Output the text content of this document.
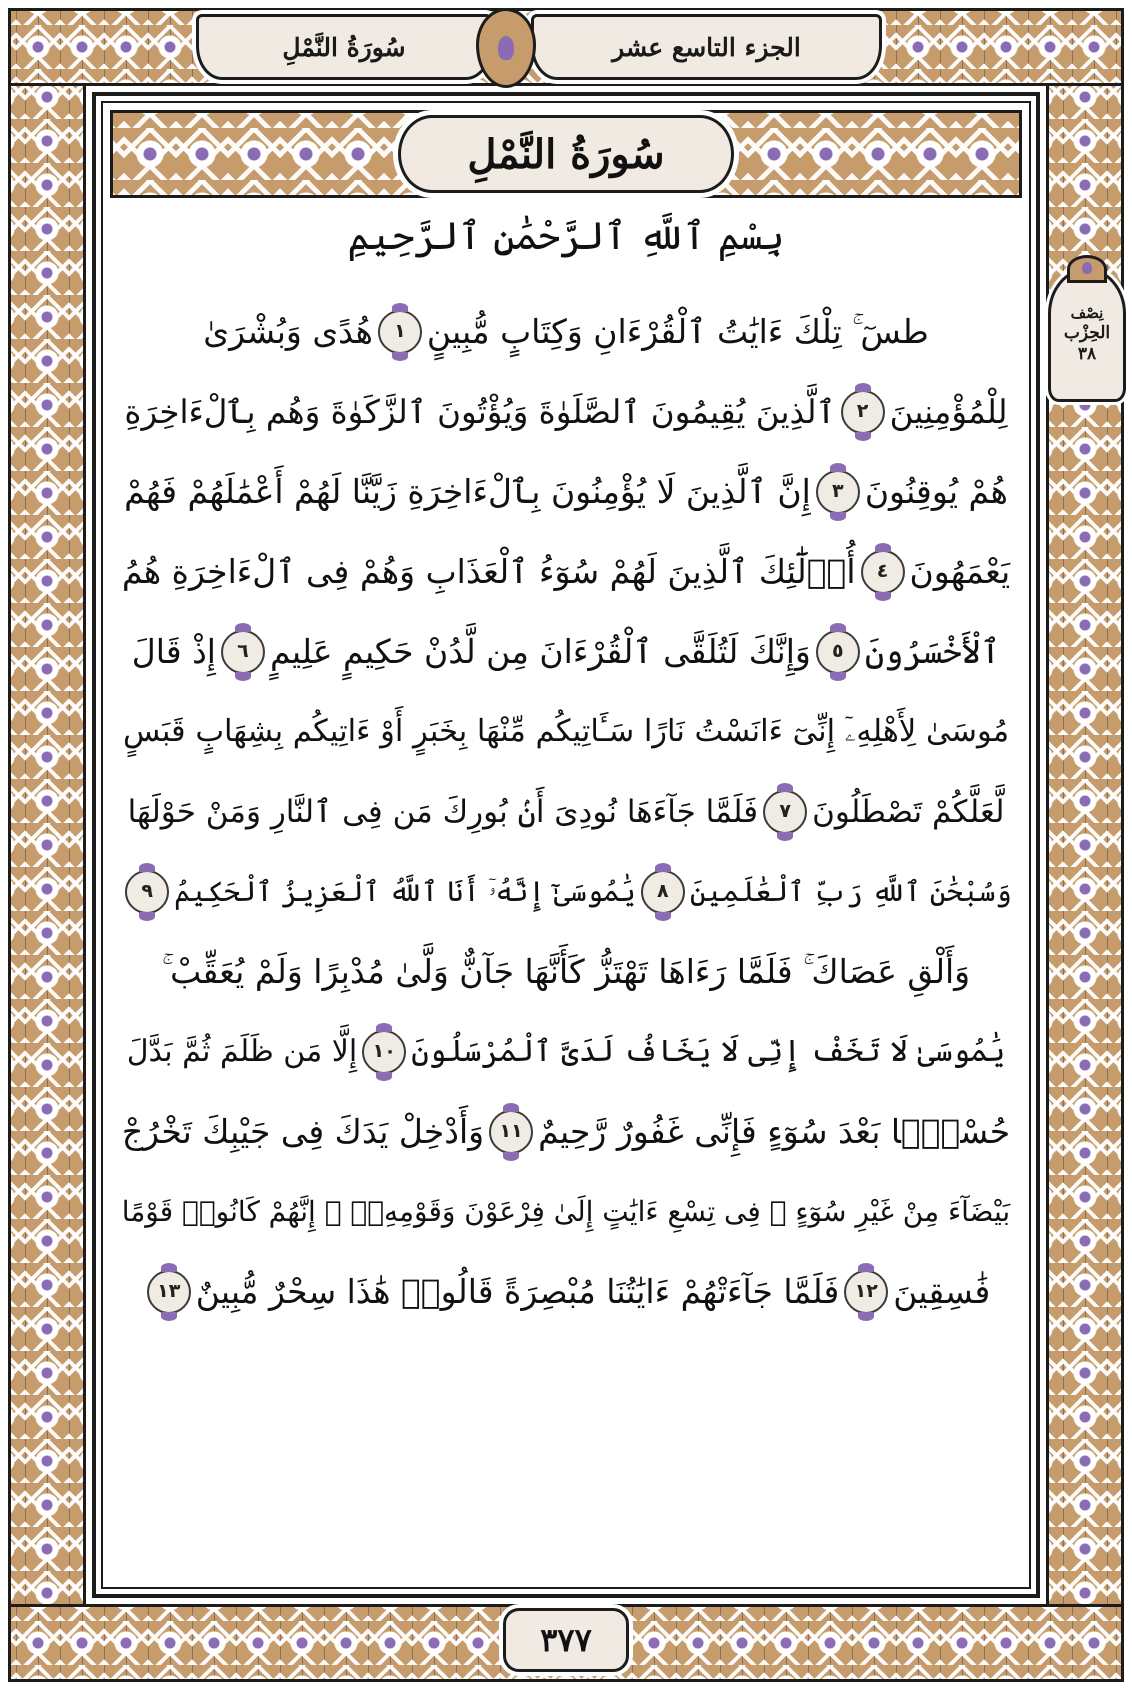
الجزء التاسع عشر
سُورَةُ النَّمْلِ
نِصْف
الحِزْب
٣٨
سُورَةُ النَّمْلِ
بِسْمِ ٱللَّهِ ٱلرَّحْمَٰنِ ٱلرَّحِيمِ
طسٓ ۚ تِلْكَ ءَايَٰتُ ٱلْقُرْءَانِ وَكِتَابٍ مُّبِينٍ
١
هُدًى وَبُشْرَىٰ
لِلْمُؤْمِنِينَ
٢
ٱلَّذِينَ يُقِيمُونَ ٱلصَّلَوٰةَ وَيُؤْتُونَ ٱلزَّكَوٰةَ وَهُم بِٱلْءَاخِرَةِ
هُمْ يُوقِنُونَ
٣
إِنَّ ٱلَّذِينَ لَا يُؤْمِنُونَ بِٱلْءَاخِرَةِ زَيَّنَّا لَهُمْ أَعْمَٰلَهُمْ فَهُمْ
يَعْمَهُونَ
٤
أُو۟لَٰٓئِكَ ٱلَّذِينَ لَهُمْ سُوٓءُ ٱلْعَذَابِ وَهُمْ فِى ٱلْءَاخِرَةِ هُمُ
ٱلْأَخْسَرُونَ
٥
وَإِنَّكَ لَتُلَقَّى ٱلْقُرْءَانَ مِن لَّدُنْ حَكِيمٍ عَلِيمٍ
٦
إِذْ قَالَ
مُوسَىٰ لِأَهْلِهِۦٓ إِنِّىٓ ءَانَسْتُ نَارًا سَـَٔاتِيكُم مِّنْهَا بِخَبَرٍ أَوْ ءَاتِيكُم بِشِهَابٍ قَبَسٍ
لَّعَلَّكُمْ تَصْطَلُونَ
٧
فَلَمَّا جَآءَهَا نُودِىَ أَنۢ بُورِكَ مَن فِى ٱلنَّارِ وَمَنْ حَوْلَهَا
وَسُبْحَٰنَ ٱللَّهِ رَبِّ ٱلْعَٰلَمِينَ
٨
يَٰمُوسَىٰٓ إِنَّهُۥٓ أَنَا ٱللَّهُ ٱلْعَزِيزُ ٱلْحَكِيمُ
٩
وَأَلْقِ عَصَاكَ ۚ فَلَمَّا رَءَاهَا تَهْتَزُّ كَأَنَّهَا جَآنٌّ وَلَّىٰ مُدْبِرًا وَلَمْ يُعَقِّبْ ۚ
يَٰمُوسَىٰ لَا تَخَفْ إِنِّى لَا يَخَافُ لَدَىَّ ٱلْمُرْسَلُونَ
١٠
إِلَّا مَن ظَلَمَ ثُمَّ بَدَّلَ
حُسْنًۢا بَعْدَ سُوٓءٍ فَإِنِّى غَفُورٌ رَّحِيمٌ
١١
وَأَدْخِلْ يَدَكَ فِى جَيْبِكَ تَخْرُجْ
بَيْضَآءَ مِنْ غَيْرِ سُوٓءٍ ۖ فِى تِسْعِ ءَايَٰتٍ إِلَىٰ فِرْعَوْنَ وَقَوْمِهِۦٓ ۚ إِنَّهُمْ كَانُوا۟ قَوْمًا
فَٰسِقِينَ
١٢
فَلَمَّا جَآءَتْهُمْ ءَايَٰتُنَا مُبْصِرَةً قَالُوا۟ هَٰذَا سِحْرٌ مُّبِينٌ
١٣
٣٧٧
